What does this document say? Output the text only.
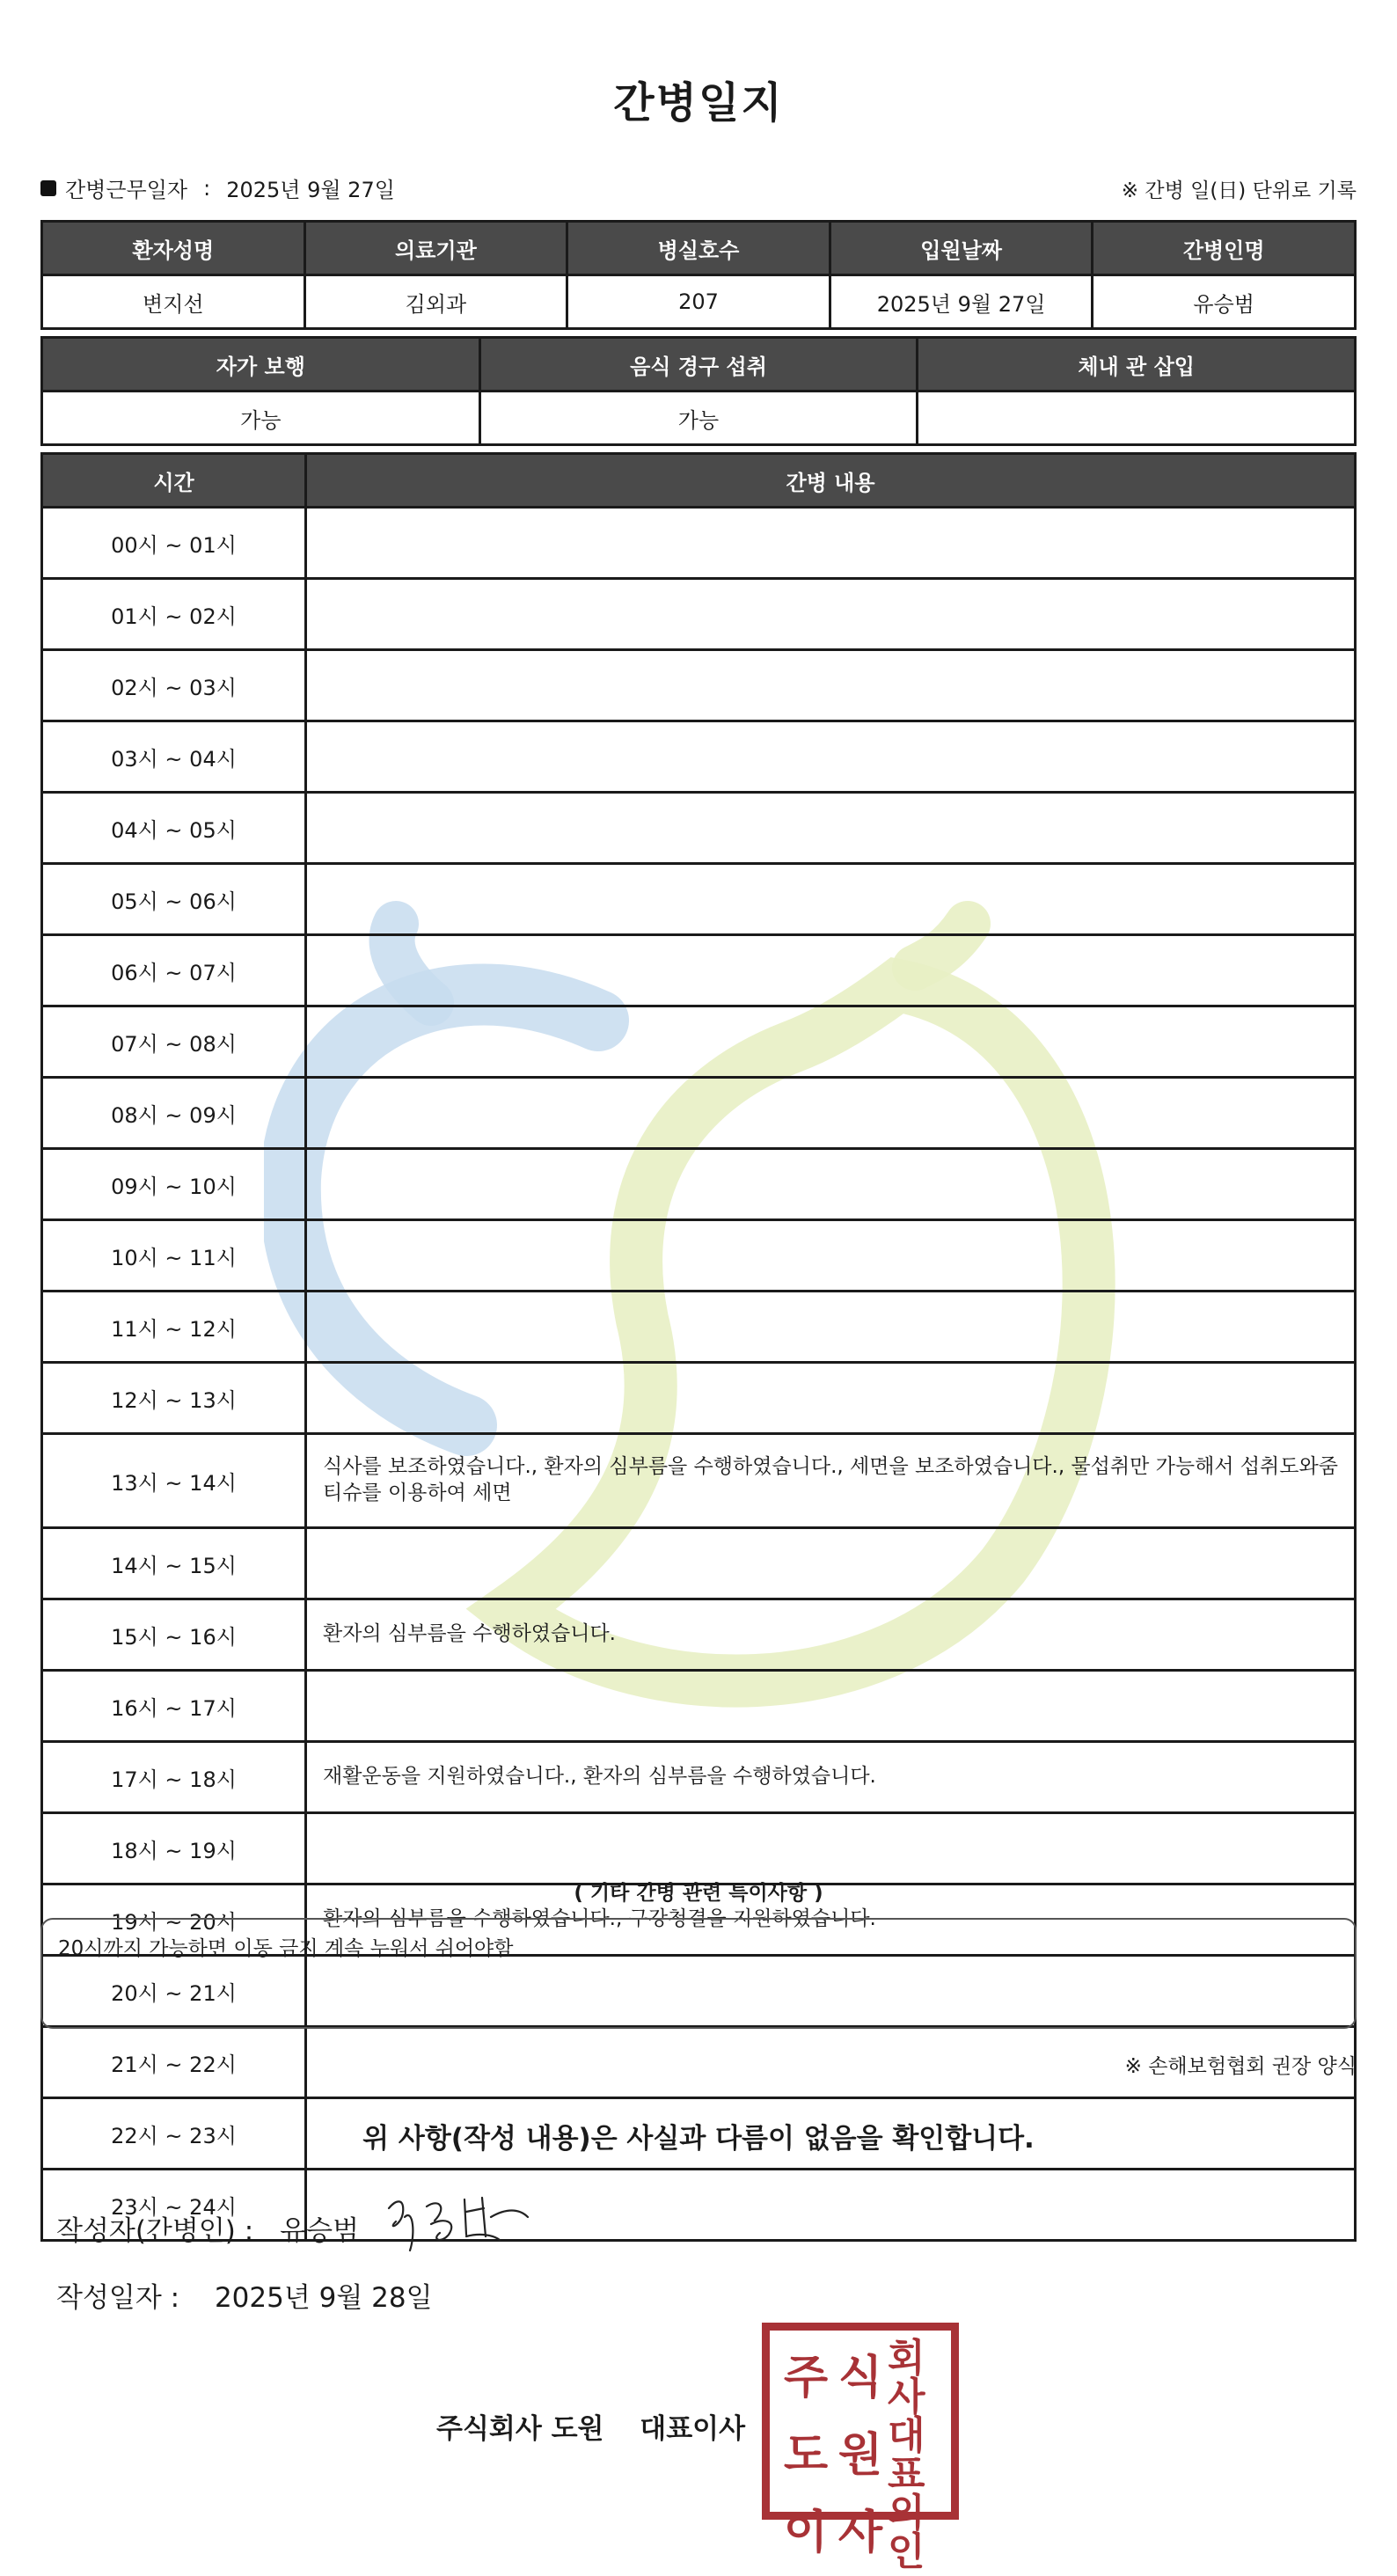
간병일지
간병근무일자 : 2025년 9월 27일	※ 간병 일(日) 단위로 기록
환자성명	의료기관	병실호수	입원날짜	간병인명
변지선	김외과	207	2025년 9월 27일	유승범
자가 보행	음식 경구 섭취	체내 관 삽입
가능	가능	
시간	간병 내용
00시 ~ 01시	
01시 ~ 02시	
02시 ~ 03시	
03시 ~ 04시	
04시 ~ 05시	
05시 ~ 06시	
06시 ~ 07시	
07시 ~ 08시	
08시 ~ 09시	
09시 ~ 10시	
10시 ~ 11시	
11시 ~ 12시	
12시 ~ 13시	
13시 ~ 14시	식사를 보조하였습니다., 환자의 심부름을 수행하였습니다., 세면을 보조하였습니다., 물섭취만 가능해서 섭취도와줌 티슈를 이용하여 세면
14시 ~ 15시	
15시 ~ 16시	환자의 심부름을 수행하였습니다.
16시 ~ 17시	
17시 ~ 18시	재활운동을 지원하였습니다., 환자의 심부름을 수행하였습니다.
18시 ~ 19시	
19시 ~ 20시	환자의 심부름을 수행하였습니다., 구강청결을 지원하였습니다.
20시 ~ 21시	
21시 ~ 22시	
22시 ~ 23시	
23시 ~ 24시	
( 기타 간병 관련 특이사항 )
20시까지 가능하면 이동 금지 계속 누워서 쉬어야함
※ 손해보험협회 권장 양식
위 사항(작성 내용)은 사실과 다름이 없음을 확인합니다.
작성자(간병인) : 유승범
작성일자 : 2025년 9월 28일
주식회사 도원 대표이사
주 식 회사
도 원 대표
이 사 의인
